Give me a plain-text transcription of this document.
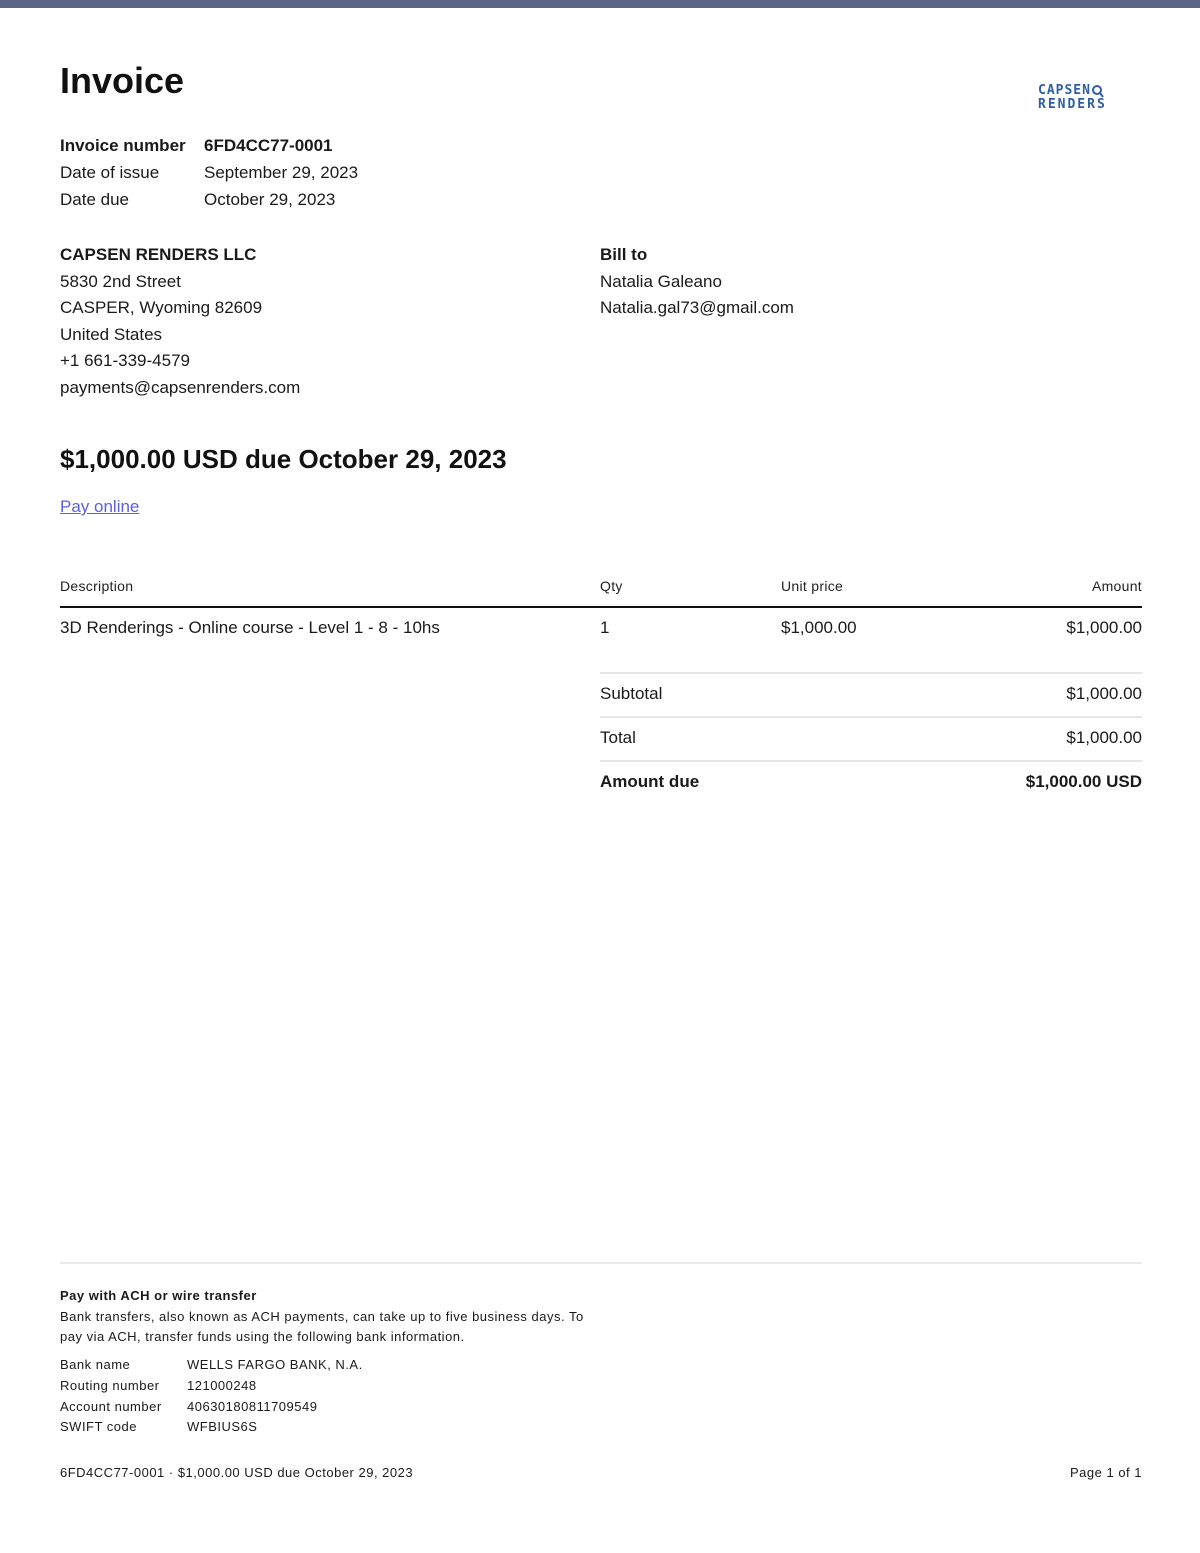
Invoice	CAPSEN
RENDERS
Invoice number 6FD4CC77-0001
Date of issue	September 29, 2023
Date due	October 29, 2023
CAPSEN RENDERS LLC
5830 2nd Street
CASPER, Wyoming 82609
United States
+1 661-339-4579
payments@capsenrenders.com
Bill to
Natalia Galeano
Natalia.gal73@gmail.com
$1,000.00 USD due October 29, 2023
Pay online
Description	Qty	Unit price	Amount
3D Renderings - Online course - Level 1 - 8 - 10hs	1	$1,000.00	$1,000.00
Subtotal	$1,000.00
Total	$1,000.00
Amount due	$1,000.00 USD
Pay with ACH or wire transfer
Bank transfers, also known as ACH payments, can take up to five business days. To pay via ACH, transfer funds using the following bank information.
Bank name	WELLS FARGO BANK, N.A.
Routing number 121000248
Account number 40630180811709549
SWIFT code	WFBIUS6S
6FD4CC77-0001 · $1,000.00 USD due October 29, 2023	Page 1 of 1
